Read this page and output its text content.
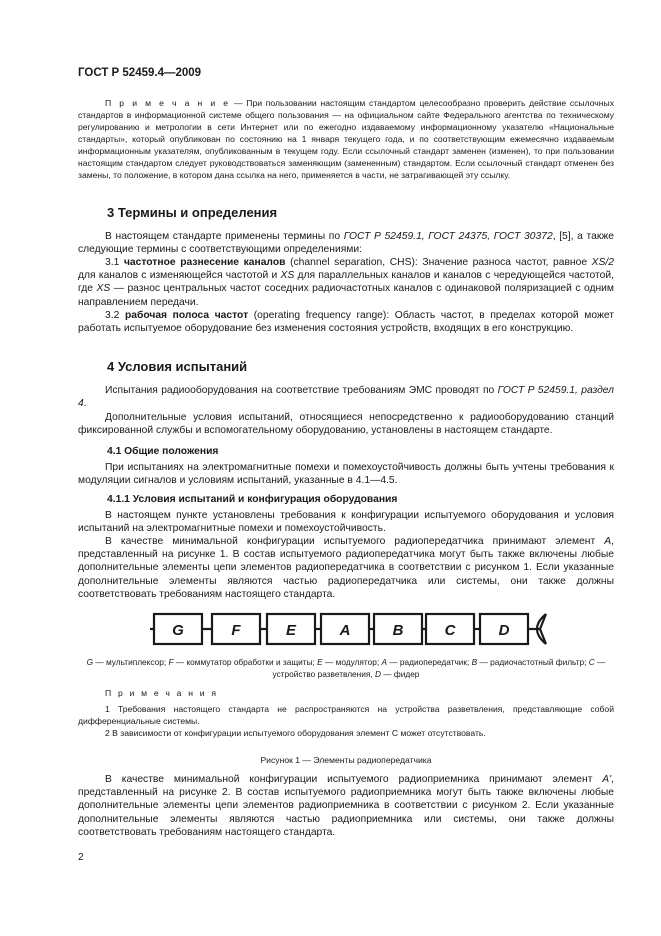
ГОСТ Р 52459.4—2009
П р и м е ч а н и е — При пользовании настоящим стандартом целесообразно проверить действие ссылочных стандартов в информационной системе общего пользования — на официальном сайте Федерального агентства по техническому регулированию и метрологии в сети Интернет или по ежегодно издаваемому информационному указателю «Национальные стандарты», который опубликован по состоянию на 1 января текущего года, и по соответствующим ежемесячно издаваемым информационным указателям, опубликованным в текущем году. Если ссылочный стандарт заменен (изменен), то при пользовании настоящим стандартом следует руководствоваться заменяющим (замененным) стандартом. Если ссылочный стандарт отменен без замены, то положение, в котором дана ссылка на него, применяется в части, не затрагивающей эту ссылку.
3 Термины и определения
В настоящем стандарте применены термины по ГОСТ Р 52459.1, ГОСТ 24375, ГОСТ 30372, [5], а также следующие термины с соответствующими определениями:
3.1 частотное разнесение каналов (channel separation, CHS): Значение разноса частот, равное XS/2 для каналов с изменяющейся частотой и XS для параллельных каналов и каналов с чередующейся частотой, где XS — разнос центральных частот соседних радиочастотных каналов с одинаковой поляризацией с одним направлением передачи.
3.2 рабочая полоса частот (operating frequency range): Область частот, в пределах которой может работать испытуемое оборудование без изменения состояния устройств, входящих в его конструкцию.
4 Условия испытаний
Испытания радиооборудования на соответствие требованиям ЭМС проводят по ГОСТ Р 52459.1, раздел 4.
Дополнительные условия испытаний, относящиеся непосредственно к радиооборудованию станций фиксированной службы и вспомогательному оборудованию, установлены в настоящем стандарте.
4.1 Общие положения
При испытаниях на электромагнитные помехи и помехоустойчивость должны быть учтены требования к модуляции сигналов и условиям испытаний, указанные в 4.1—4.5.
4.1.1 Условия испытаний и конфигурация оборудования
В настоящем пункте установлены требования к конфигурации испытуемого оборудования и условия испытаний на электромагнитные помехи и помехоустойчивость.
В качестве минимальной конфигурации испытуемого радиопередатчика принимают элемент A, представленный на рисунке 1. В состав испытуемого радиопередатчика могут быть также включены любые дополнительные элементы цепи элементов радиопередатчика в соответствии с рисунком 1. Если указанные дополнительные элементы являются частью радиопередатчика или системы, они также должны соответствовать требованиям настоящего стандарта.
G	F	E	A	B	C	D
G — мультиплексор; F — коммутатор обработки и защиты; E — модулятор; A — радиопередатчик; B — радиочастотный фильтр; C — устройство разветвления, D — фидер
П р и м е ч а н и я
1 Требования настоящего стандарта не распространяются на устройства разветвления, представляющие собой дифференциальные системы.
2 В зависимости от конфигурации испытуемого оборудования элемент C может отсутствовать.
Рисунок 1 — Элементы радиопередатчика
В качестве минимальной конфигурации испытуемого радиоприемника принимают элемент A', представленный на рисунке 2. В состав испытуемого радиоприемника могут быть также включены любые дополнительные элементы цепи элементов радиоприемника в соответствии с рисунком 2. Если указанные дополнительные элементы являются частью радиоприемника или системы, они также должны соответствовать требованиям настоящего стандарта.
2
